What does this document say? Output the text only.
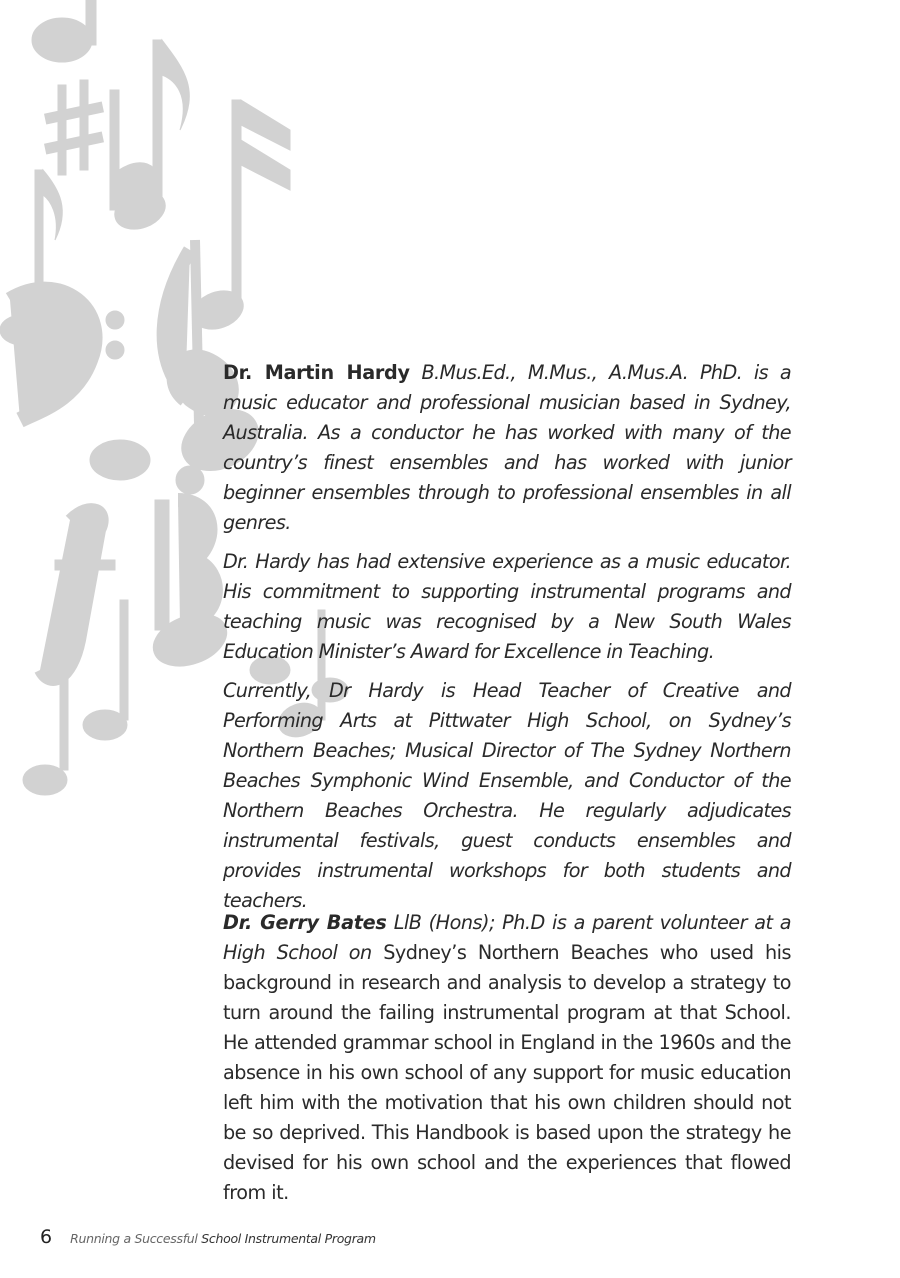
Dr. Martin Hardy B.Mus.Ed., M.Mus., A.Mus.A. PhD. is a music educator and professional musician based in Sydney, Australia. As a conductor he has worked with many of the country’s finest ensembles and has worked with junior beginner ensembles through to professional ensembles in all genres.

Dr. Hardy has had extensive experience as a music educator. His commitment to supporting instrumental programs and teaching music was recognised by a New South Wales Education Minister’s Award for Excellence in Teaching.

Currently, Dr Hardy is Head Teacher of Creative and Performing Arts at Pittwater High School, on Sydney’s Northern Beaches; Musical Director of The Sydney Northern Beaches Symphonic Wind Ensemble, and Conductor of the Northern Beaches Orchestra. He regularly adjudicates instrumental festivals, guest conducts ensembles and provides instrumental workshops for both students and teachers.

Dr. Gerry Bates LlB (Hons); Ph.D is a parent volunteer at a High School on Sydney’s Northern Beaches who used his background in research and analysis to develop a strategy to turn around the failing instrumental program at that School. He attended grammar school in England in the 1960s and the absence in his own school of any support for music education left him with the motivation that his own children should not be so deprived. This Handbook is based upon the strategy he devised for his own school and the experiences that flowed from it.

6 Running a Successful School Instrumental Program
